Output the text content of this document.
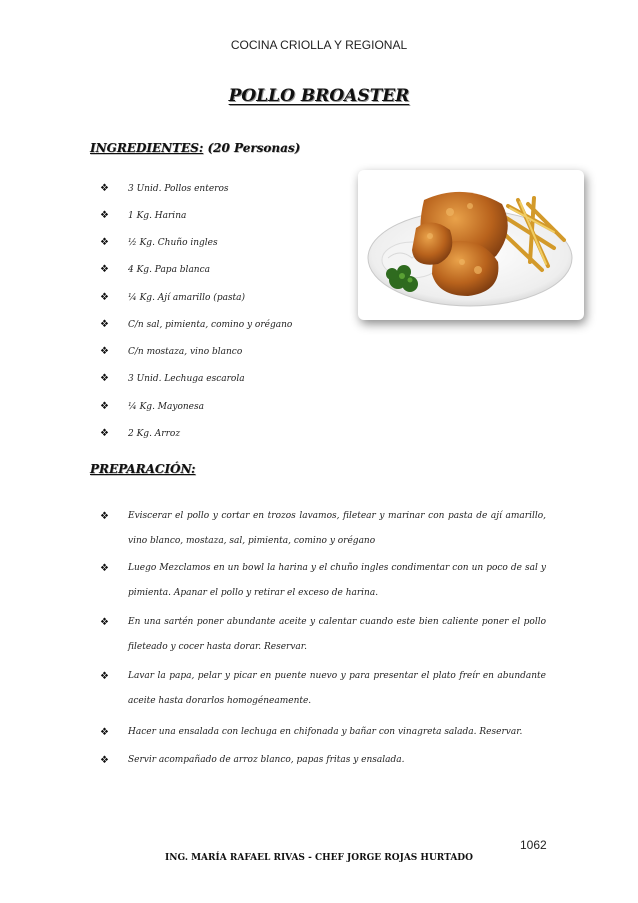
COCINA CRIOLLA Y REGIONAL
POLLO BROASTER
INGREDIENTES: (20 Personas)
❖ 3 Unid. Pollos enteros
❖ 1 Kg. Harina
❖ ½ Kg. Chuño ingles
❖ 4 Kg. Papa blanca
❖ ¼ Kg. Ají amarillo (pasta)
❖ C/n sal, pimienta, comino y orégano
❖ C/n mostaza, vino blanco
❖ 3 Unid. Lechuga escarola
❖ ¼ Kg. Mayonesa
❖ 2 Kg. Arroz
PREPARACIÓN:
❖ Eviscerar el pollo y cortar en trozos lavamos, filetear y marinar con pasta de ají amarillo, vino blanco, mostaza, sal, pimienta, comino y orégano
❖ Luego Mezclamos en un bowl la harina y el chuño ingles condimentar con un poco de sal y pimienta. Apanar el pollo y retirar el exceso de harina.
❖ En una sartén poner abundante aceite y calentar cuando este bien caliente poner el pollo fileteado y cocer hasta dorar. Reservar.
❖ Lavar la papa, pelar y picar en puente nuevo y para presentar el plato freír en abundante aceite hasta dorarlos homogéneamente.
❖ Hacer una ensalada con lechuga en chifonada y bañar con vinagreta salada. Reservar.
❖ Servir acompañado de arroz blanco, papas fritas y ensalada.
1062
ING. MARÍA RAFAEL RIVAS - CHEF JORGE ROJAS HURTADO
